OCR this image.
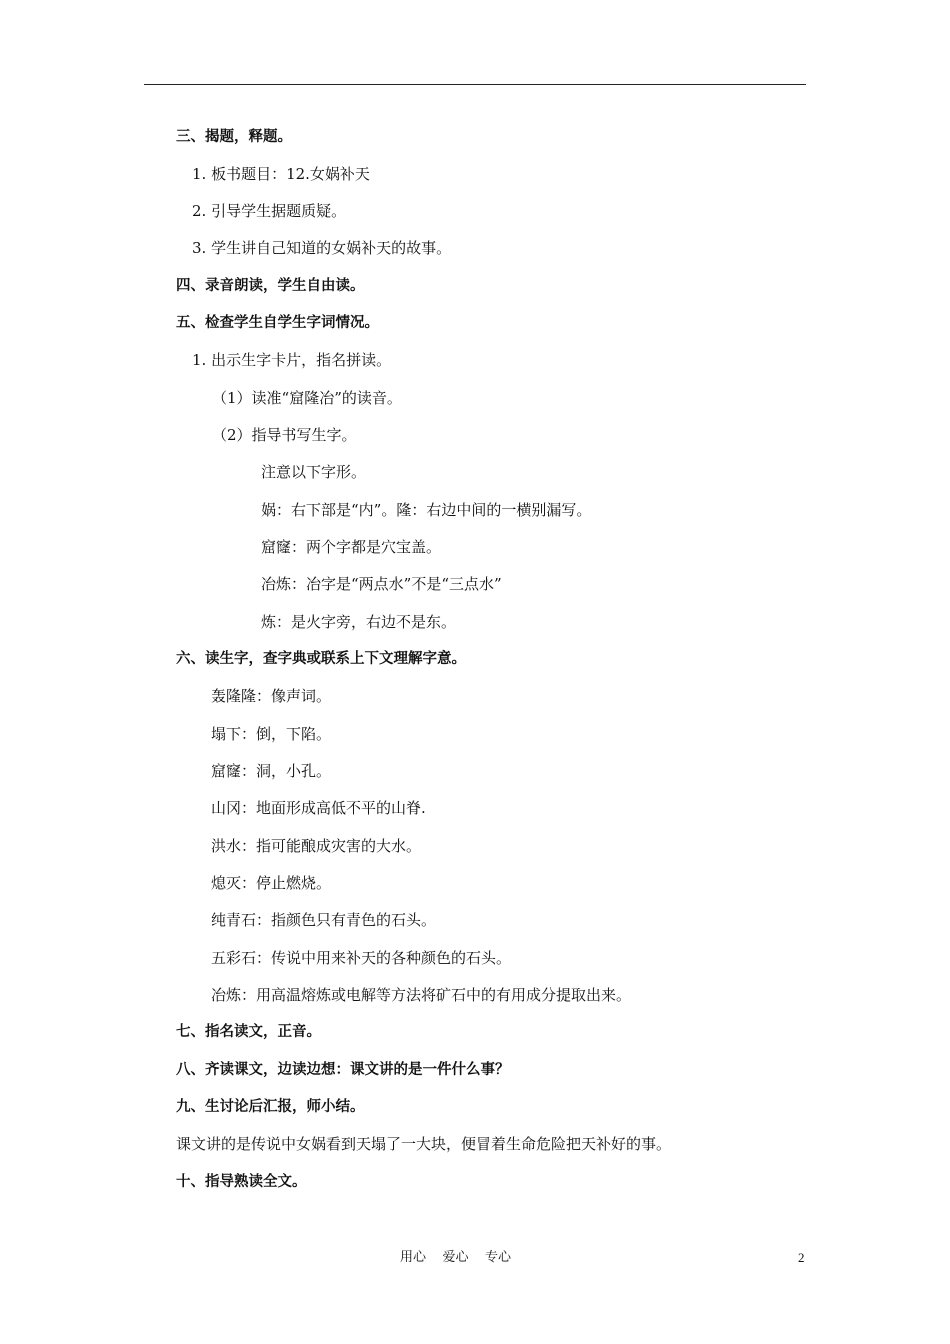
三、揭题，释题。
1. 板书题目：12.女娲补天
2. 引导学生据题质疑。
3. 学生讲自己知道的女娲补天的故事。
四、录音朗读，学生自由读。
五、检查学生自学生字词情况。
1. 出示生字卡片，指名拼读。
（1）读准“窟隆冶”的读音。
（2）指导书写生字。
注意以下字形。
娲：右下部是“内”。隆：右边中间的一横别漏写。
窟窿：两个字都是穴宝盖。
冶炼：冶字是“两点水”不是“三点水”
炼：是火字旁，右边不是东。
六、读生字，查字典或联系上下文理解字意。
轰隆隆：像声词。
塌下：倒，下陷。
窟窿：洞，小孔。
山冈：地面形成高低不平的山脊.
洪水：指可能酿成灾害的大水。
熄灭：停止燃烧。
纯青石：指颜色只有青色的石头。
五彩石：传说中用来补天的各种颜色的石头。
冶炼：用高温熔炼或电解等方法将矿石中的有用成分提取出来。
七、指名读文，正音。
八、齐读课文，边读边想：课文讲的是一件什么事？
九、生讨论后汇报，师小结。
课文讲的是传说中女娲看到天塌了一大块，便冒着生命危险把天补好的事。
十、指导熟读全文。
用心    爱心    专心	2
